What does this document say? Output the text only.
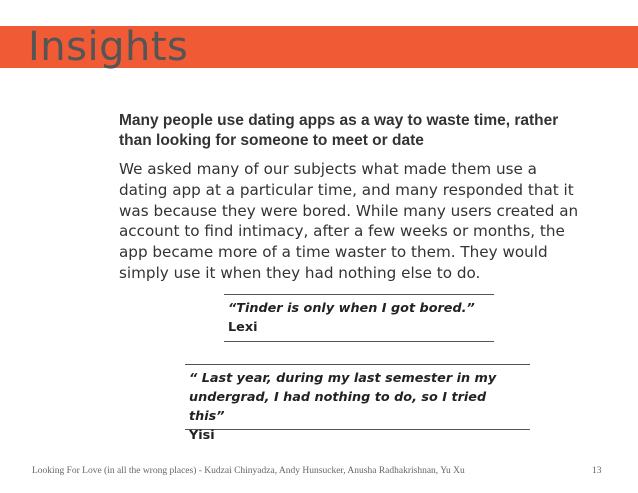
Insights

Many people use dating apps as a way to waste time, rather than looking for someone to meet or date

We asked many of our subjects what made them use a dating app at a particular time, and many responded that it was because they were bored. While many users created an account to find intimacy, after a few weeks or months, the app became more of a time waster to them. They would simply use it when they had nothing else to do.

“Tinder is only when I got bored.”

Lexi

“ Last year, during my last semester in my undergrad, I had nothing to do, so I tried this”

Yisi

Looking For Love (in all the wrong places) - Kudzai Chinyadza, Andy Hunsucker, Anusha Radhakrishnan, Yu Xu	13
